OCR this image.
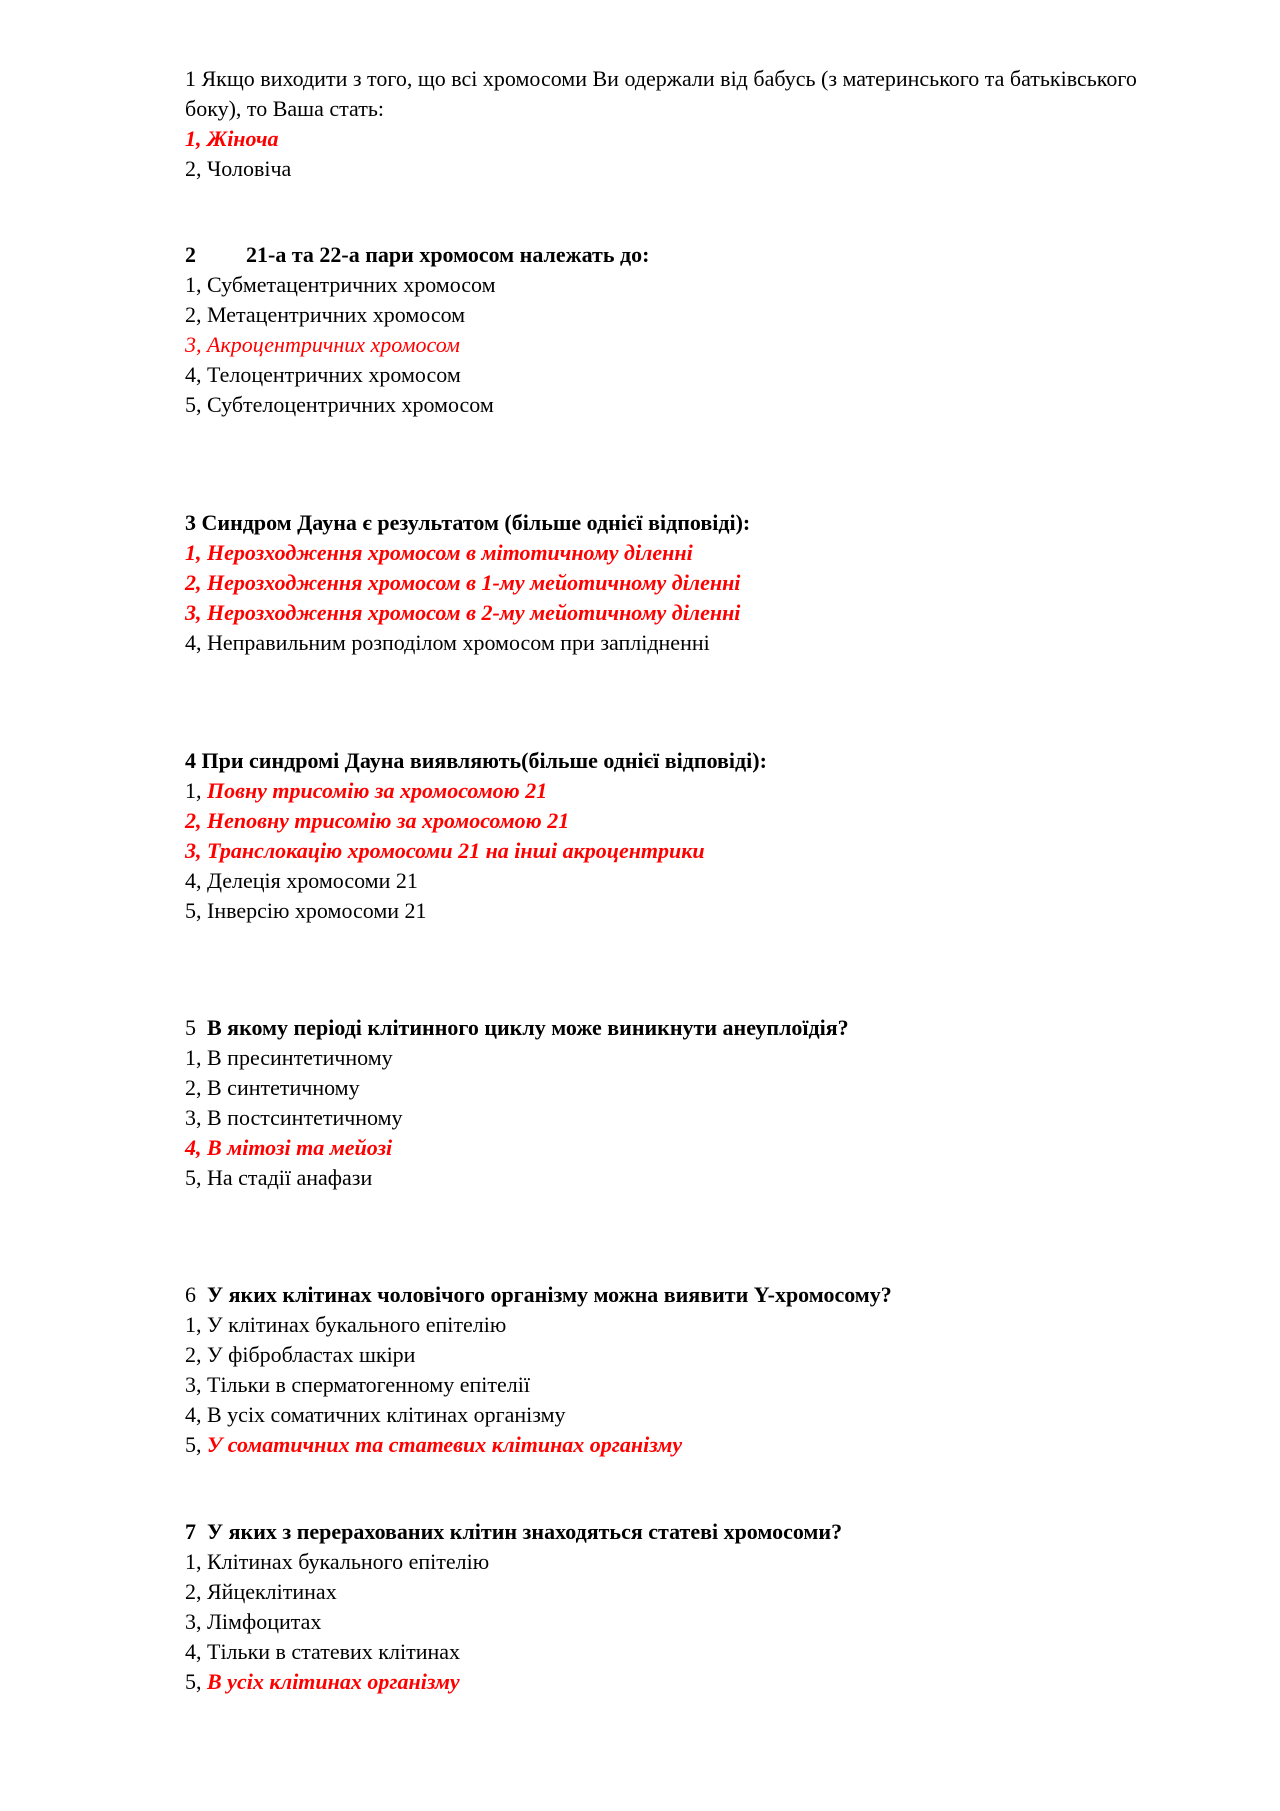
1 Якщо виходити з того, що всі хромосоми Ви одержали від бабусь (з материнського та батьківського боку), то Ваша стать:
1, Жіноча
2, Чоловіча
2 21-а та 22-а пари хромосом належать до:
1, Субметацентричних хромосом
2, Метацентричних хромосом
3, Акроцентричних хромосом
4, Телоцентричних хромосом
5, Субтелоцентричних хромосом
3 Синдром Дауна є результатом (більше однієї відповіді):
1, Нерозходження хромосом в мітотичному діленні
2, Нерозходження хромосом в 1-му мейотичному діленні
3, Нерозходження хромосом в 2-му мейотичному діленні
4, Неправильним розподілом хромосом при заплідненні
4 При синдромі Дауна виявляють(більше однієї відповіді):
1, Повну трисомію за хромосомою 21
2, Неповну трисомію за хромосомою 21
3, Транслокацію хромосоми 21 на інші акроцентрики
4, Делеція хромосоми 21
5, Інверсію хромосоми 21
5 В якому періоді клітинного циклу може виникнути анеуплоїдія?
1, В пресинтетичному
2, В синтетичному
3, В постсинтетичному
4, В мітозі та мейозі
5, На стадії анафази
6 У яких клітинах чоловічого організму можна виявити Y-хромосому?
1, У клітинах букального епітелію
2, У фібробластах шкіри
3, Тільки в сперматогенному епітелії
4, В усіх соматичних клітинах організму
5, У соматичних та статевих клітинах організму
7 У яких з перерахованих клітин знаходяться статеві хромосоми?
1, Клітинах букального епітелію
2, Яйцеклітинах
3, Лімфоцитах
4, Тільки в статевих клітинах
5, В усіх клітинах організму
